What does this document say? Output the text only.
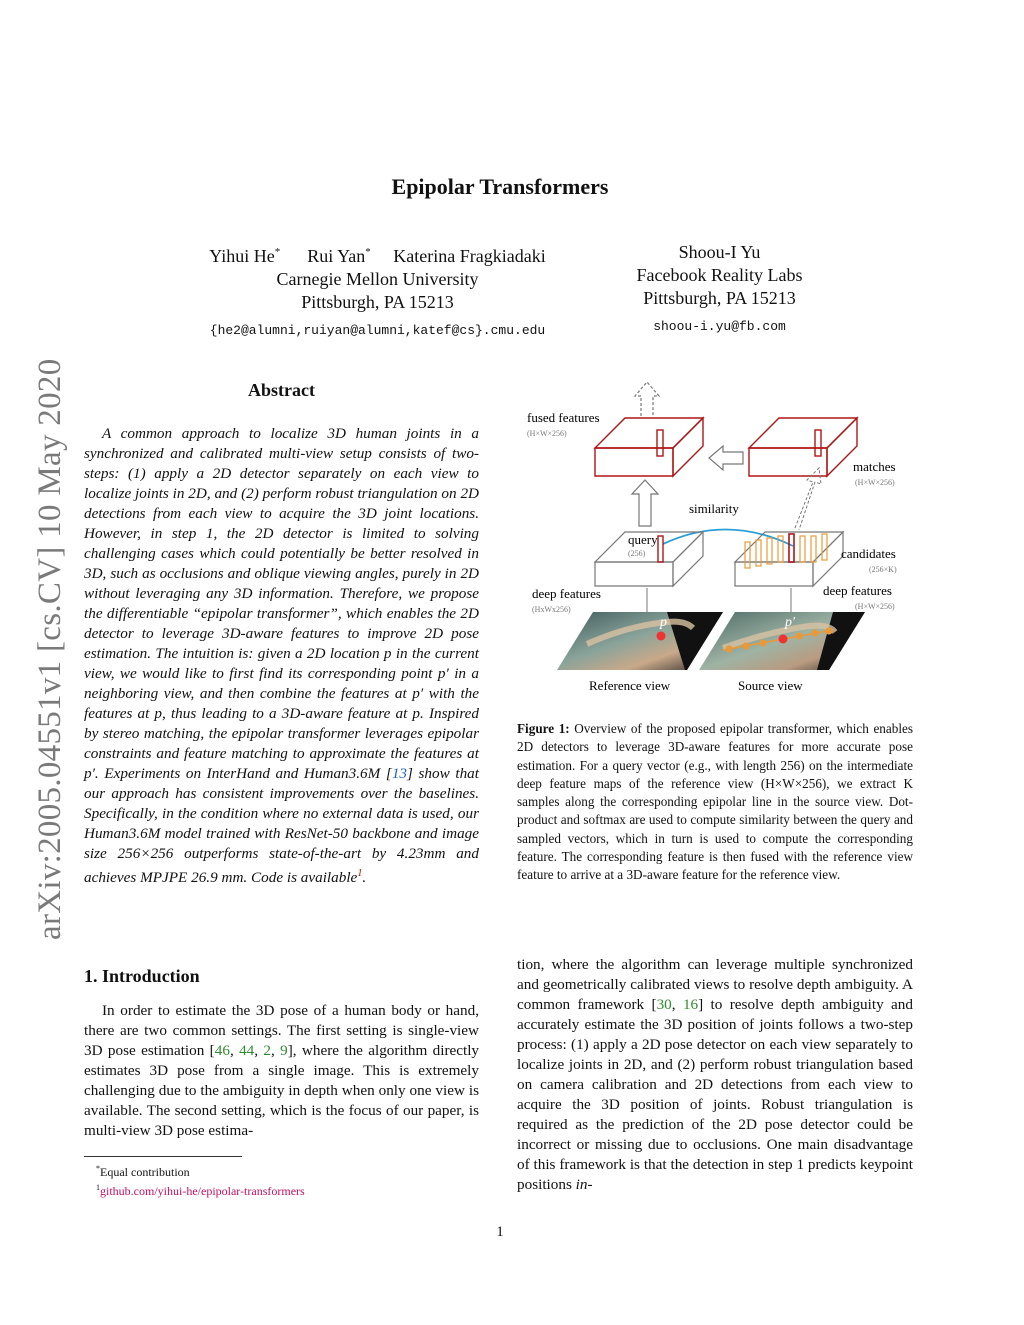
arXiv:2005.04551v1 [cs.CV] 10 May 2020
Epipolar Transformers
Yihui He* Rui Yan* Katerina Fragkiadaki
Carnegie Mellon University
Pittsburgh, PA 15213
{he2@alumni,ruiyan@alumni,katef@cs}.cmu.edu
Shoou-I Yu
Facebook Reality Labs
Pittsburgh, PA 15213
shoou-i.yu@fb.com
Abstract
A common approach to localize 3D human joints in a synchronized and calibrated multi-view setup consists of two-steps: (1) apply a 2D detector separately on each view to localize joints in 2D, and (2) perform robust triangulation on 2D detections from each view to acquire the 3D joint locations. However, in step 1, the 2D detector is limited to solving challenging cases which could potentially be better resolved in 3D, such as occlusions and oblique viewing angles, purely in 2D without leveraging any 3D information. Therefore, we propose the differentiable “epipolar transformer”, which enables the 2D detector to leverage 3D-aware features to improve 2D pose estimation. The intuition is: given a 2D location p in the current view, we would like to first find its corresponding point p′ in a neighboring view, and then combine the features at p′ with the features at p, thus leading to a 3D-aware feature at p. Inspired by stereo matching, the epipolar transformer leverages epipolar constraints and feature matching to approximate the features at p′. Experiments on InterHand and Human3.6M [13] show that our approach has consistent improvements over the baselines. Specifically, in the condition where no external data is used, our Human3.6M model trained with ResNet-50 backbone and image size 256×256 outperforms state-of-the-art by 4.23mm and achieves MPJPE 26.9 mm. Code is available$^1$.
1. Introduction
In order to estimate the 3D pose of a human body or hand, there are two common settings. The first setting is single-view 3D pose estimation [46, 44, 2, 9], where the algorithm directly estimates 3D pose from a single image. This is extremely challenging due to the ambiguity in depth when only one view is available. The second setting, which is the focus of our paper, is multi-view 3D pose estima-
*Equal contribution
$^1$github.com/yihui-he/epipolar-transformers
fused features
(H×W×256)
matches
(H×W×256)
similarity
query
(256)	candidates
(256×K)
deep features
(HxWx256)
deep features
(H×W×256)
p	p′
Reference view	Source view
Figure 1: Overview of the proposed epipolar transformer, which enables 2D detectors to leverage 3D-aware features for more accurate pose estimation. For a query vector (e.g., with length 256) on the intermediate deep feature maps of the reference view (H×W×256), we extract K samples along the corresponding epipolar line in the source view. Dot-product and softmax are used to compute similarity between the query and sampled vectors, which in turn is used to compute the corresponding feature. The corresponding feature is then fused with the reference view feature to arrive at a 3D-aware feature for the reference view.
tion, where the algorithm can leverage multiple synchronized and geometrically calibrated views to resolve depth ambiguity. A common framework [30, 16] to resolve depth ambiguity and accurately estimate the 3D position of joints follows a two-step process: (1) apply a 2D pose detector on each view separately to localize joints in 2D, and (2) perform robust triangulation based on camera calibration and 2D detections from each view to acquire the 3D position of joints. Robust triangulation is required as the prediction of the 2D pose detector could be incorrect or missing due to occlusions. One main disadvantage of this framework is that the detection in step 1 predicts keypoint positions in-
1
